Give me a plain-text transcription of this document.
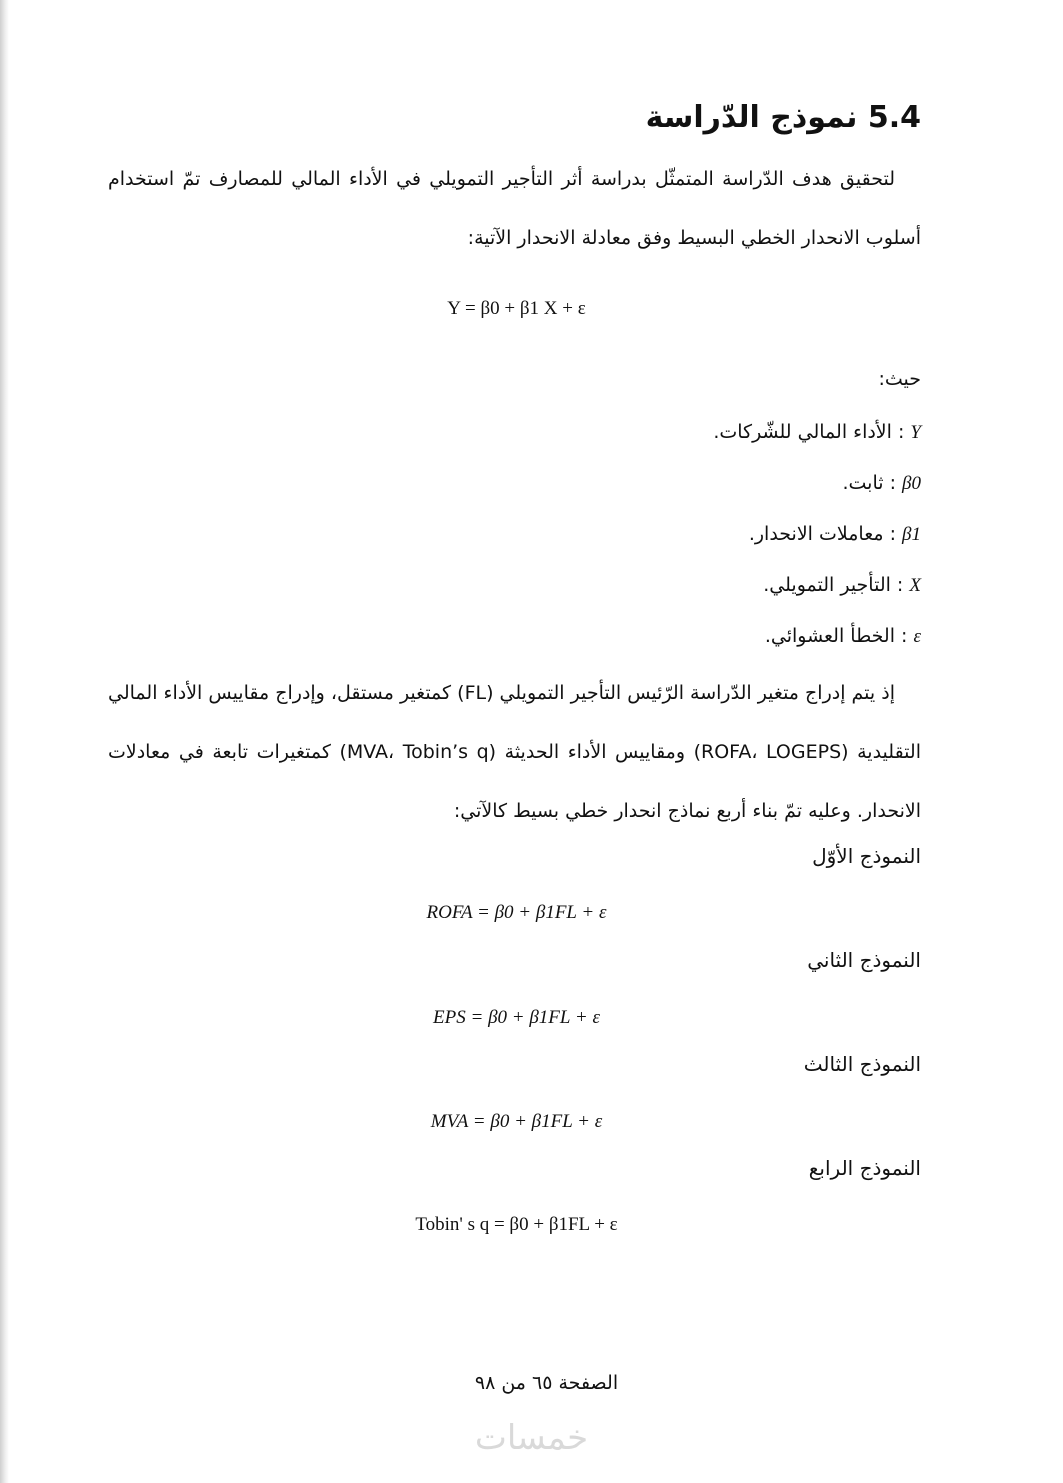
5.4 نموذج الدّراسة

لتحقيق هدف الدّراسة المتمثّل بدراسة أثر التأجير التمويلي في الأداء المالي للمصارف تمّ استخدام أسلوب الانحدار الخطي البسيط وفق معادلة الانحدار الآتية:

Y = β0 + β1 X + ε

حيث:

Y : الأداء المالي للشّركات.

β0 : ثابت.

β1 : معاملات الانحدار.

X : التأجير التمويلي.

ε : الخطأ العشوائي.

إذ يتم إدراج متغير الدّراسة الرّئيس التأجير التمويلي (FL) كمتغير مستقل، وإدراج مقاييس الأداء المالي التقليدية (ROFA، LOGEPS) ومقاييس الأداء الحديثة (MVA، Tobin’s q) كمتغيرات تابعة في معادلات الانحدار. وعليه تمّ بناء أربع نماذج انحدار خطي بسيط كالآتي:

النموذج الأوّل

ROFA = β0 + β1FL + ε

النموذج الثاني

EPS = β0 + β1FL + ε

النموذج الثالث

MVA = β0 + β1FL + ε

النموذج الرابع

Tobin' s q = β0 + β1FL + ε
الصفحة ٦٥ من ٩٨
خمسات
